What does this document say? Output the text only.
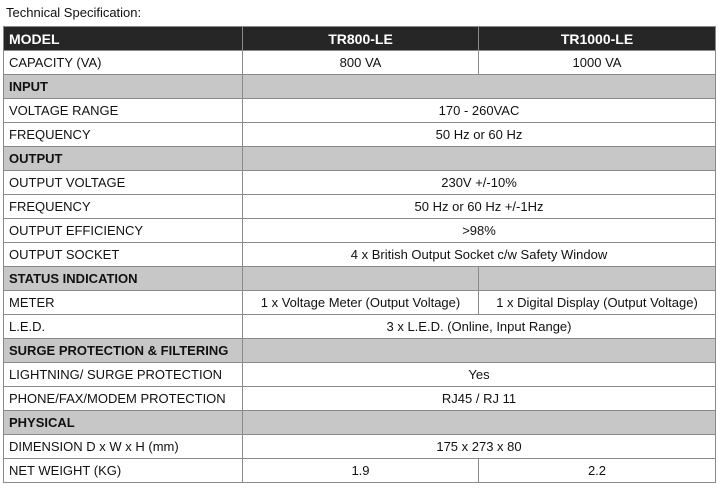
Technical Specification:
MODEL	TR800-LE	TR1000-LE
CAPACITY (VA)	800 VA	1000 VA
INPUT		
VOLTAGE RANGE	170 - 260VAC	
FREQUENCY	50 Hz or 60 Hz	
OUTPUT		
OUTPUT VOLTAGE	230V +/-10%	
FREQUENCY	50 Hz or 60 Hz +/-1Hz	
OUTPUT EFFICIENCY	>98%	
OUTPUT SOCKET	4 x British Output Socket c/w Safety Window	
STATUS INDICATION		
METER	1 x Voltage Meter (Output Voltage)	1 x Digital Display (Output Voltage)
L.E.D.	3 x L.E.D. (Online, Input Range)	
SURGE PROTECTION & FILTERING		
LIGHTNING/ SURGE PROTECTION	Yes	
PHONE/FAX/MODEM PROTECTION	RJ45 / RJ 11	
PHYSICAL		
DIMENSION D x W x H (mm)	175 x 273 x 80	
NET WEIGHT (KG)	1.9	2.2
